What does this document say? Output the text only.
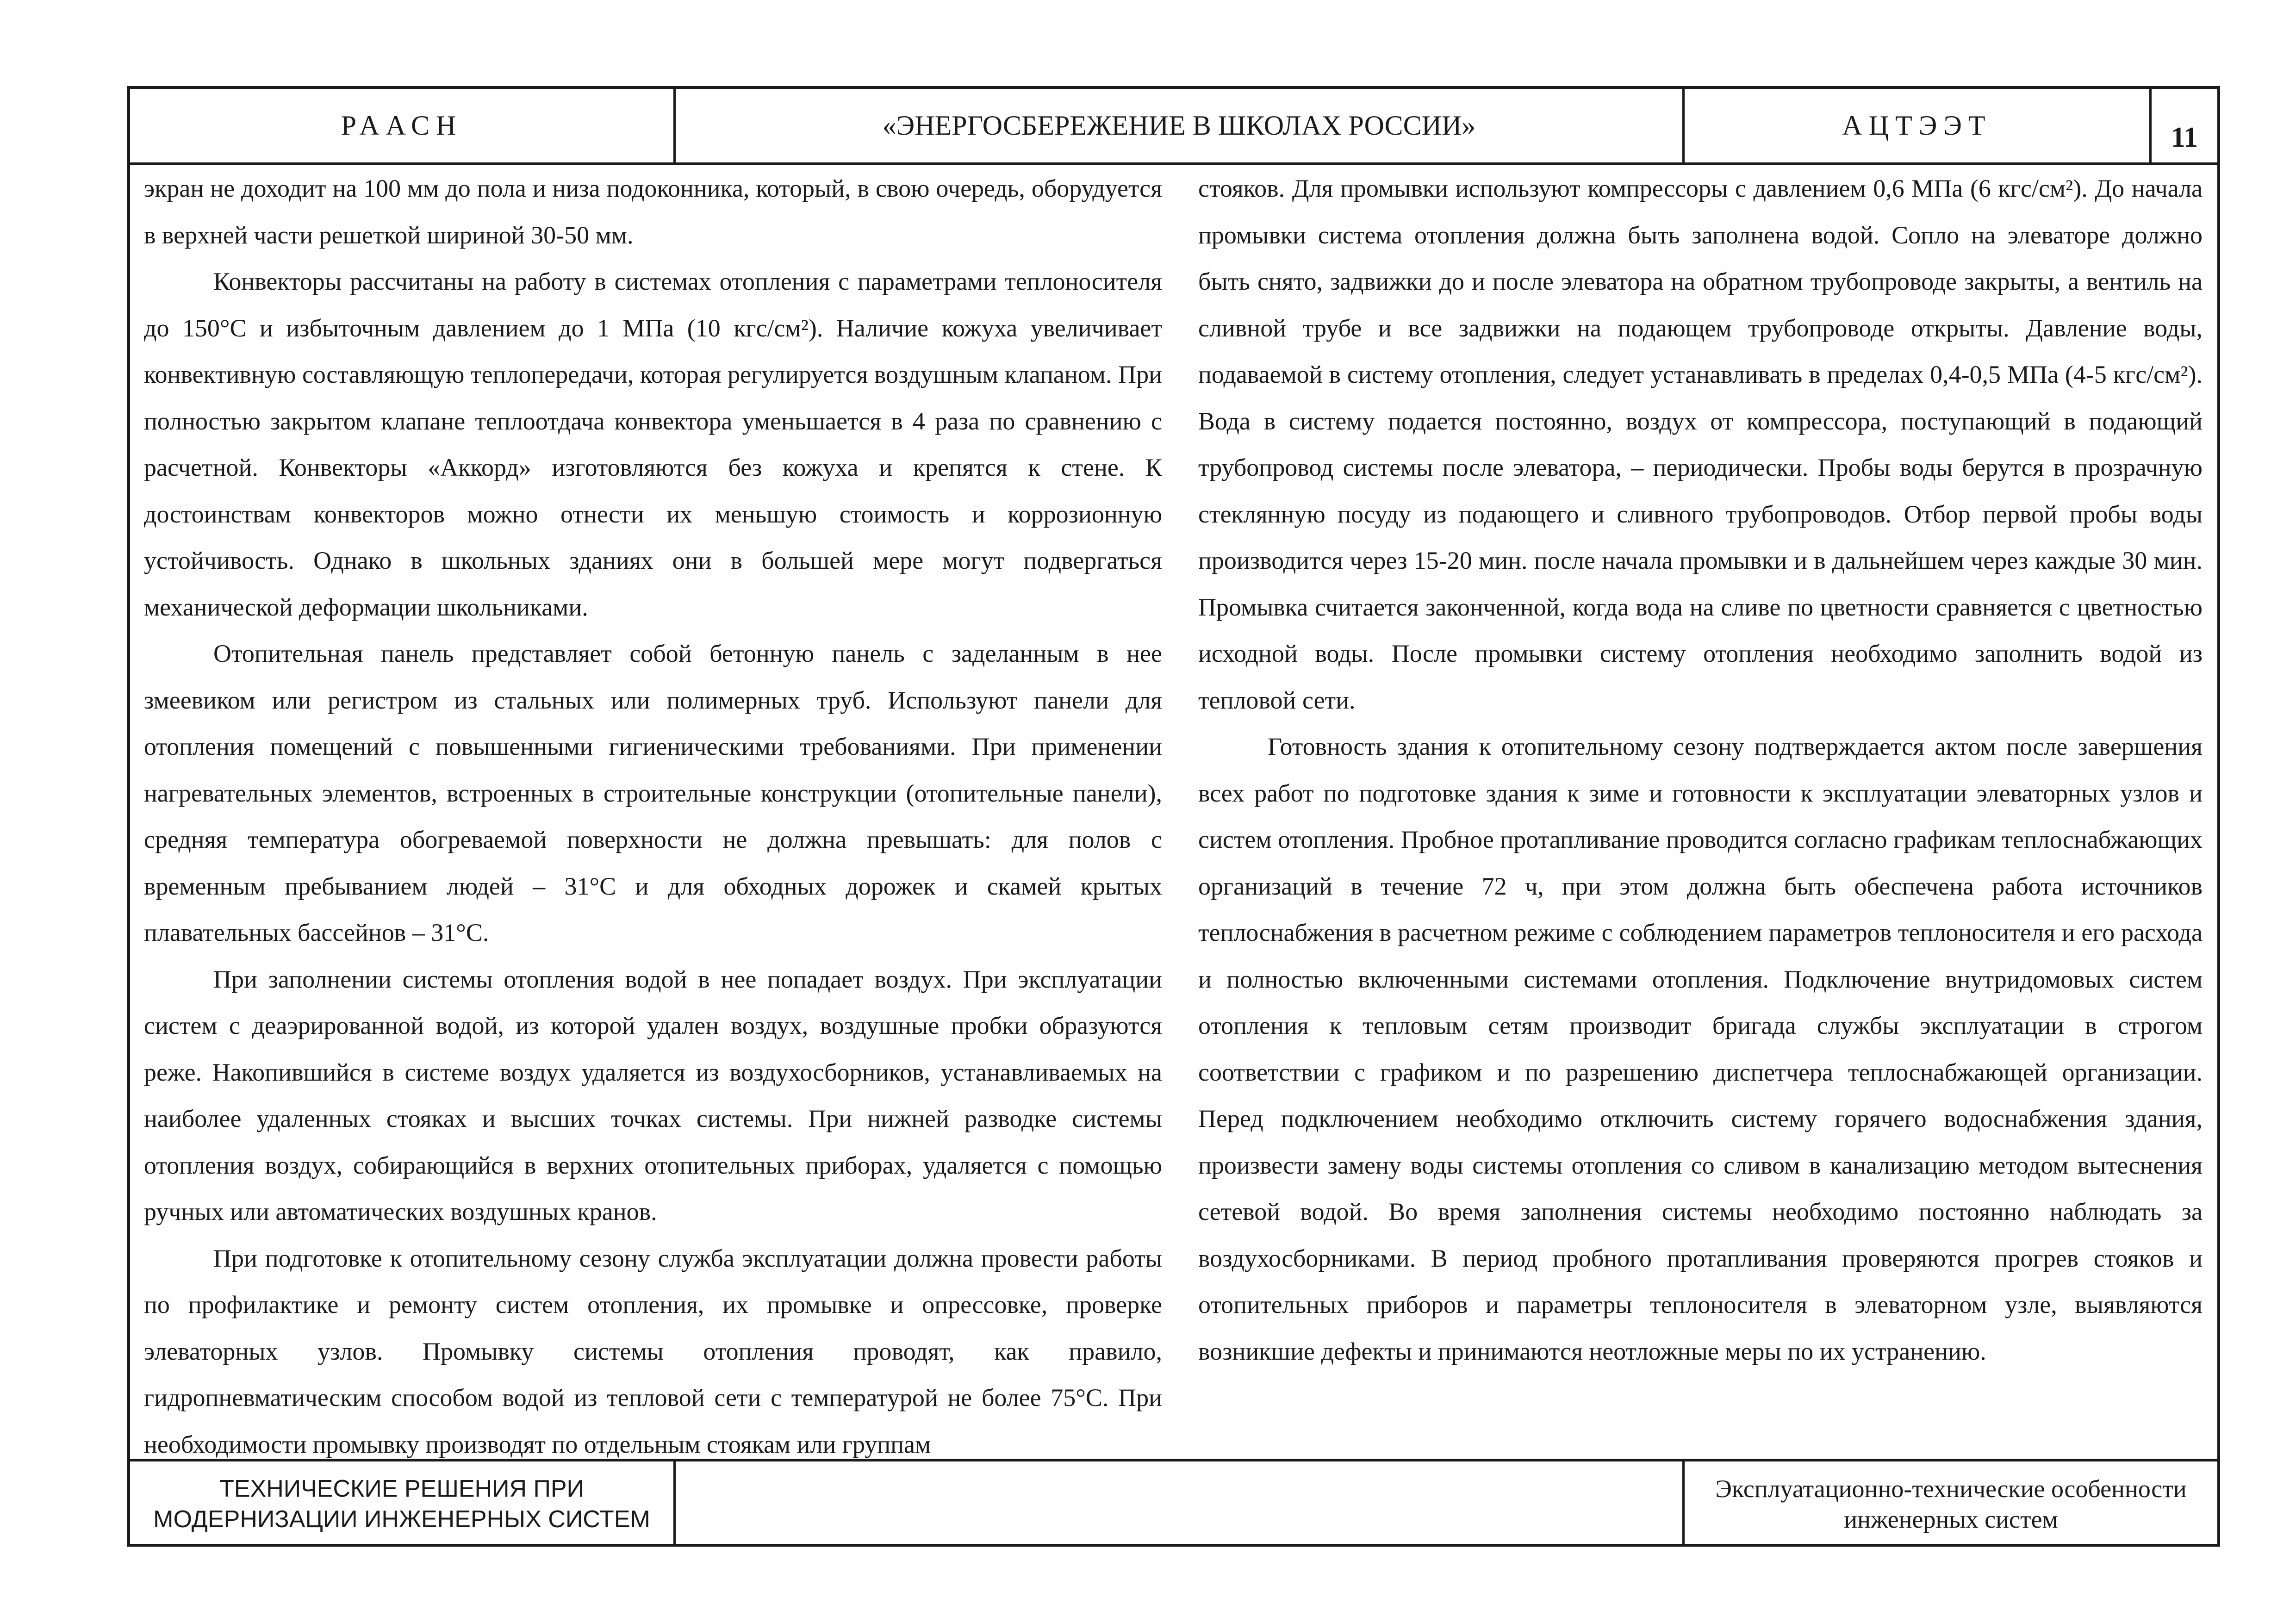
РААСН	«ЭНЕРГОСБЕРЕЖЕНИЕ В ШКОЛАХ РОССИИ»	АЦТЭЭТ	11

экран не доходит на 100 мм до пола и низа подоконника, который, в свою очередь, оборудуется в верхней части решеткой шириной 30-50 мм.

Конвекторы рассчитаны на работу в системах отопления с параметрами теплоносителя до 150°С и избыточным давлением до 1 МПа (10 кгс/см²). Наличие кожуха увеличивает конвективную составляющую теплопередачи, которая регулируется воздушным клапаном. При полностью закрытом клапане теплоотдача конвектора уменьшается в 4 раза по сравнению с расчетной. Конвекторы «Аккорд» изготовляются без кожуха и крепятся к стене. К достоинствам конвекторов можно отнести их меньшую стоимость и коррозионную устойчивость. Однако в школьных зданиях они в большей мере могут подвергаться механической деформации школьниками.

Отопительная панель представляет собой бетонную панель с заделанным в нее змеевиком или регистром из стальных или полимерных труб. Используют панели для отопления помещений с повышенными гигиеническими требованиями. При применении нагревательных элементов, встроенных в строительные конструкции (отопительные панели), средняя температура обогреваемой поверхности не должна превышать: для полов с временным пребыванием людей – 31°С и для обходных дорожек и скамей крытых плавательных бассейнов – 31°С.

При заполнении системы отопления водой в нее попадает воздух. При эксплуатации систем с деаэрированной водой, из которой удален воздух, воздушные пробки образуются реже. Накопившийся в системе воздух удаляется из воздухосборников, устанавливаемых на наиболее удаленных стояках и высших точках системы. При нижней разводке системы отопления воздух, собирающийся в верхних отопительных приборах, удаляется с помощью ручных или автоматических воздушных кранов.

При подготовке к отопительному сезону служба эксплуатации должна провести работы по профилактике и ремонту систем отопления, их промывке и опрессовке, проверке элеваторных узлов. Промывку системы отопления проводят, как правило, гидропневматическим способом водой из тепловой сети с температурой не более 75°С. При необходимости промывку производят по отдельным стоякам или группам

стояков. Для промывки используют компрессоры с давлением 0,6 МПа (6 кгс/см²). До начала промывки система отопления должна быть заполнена водой. Сопло на элеваторе должно быть снято, задвижки до и после элеватора на обратном трубопроводе закрыты, а вентиль на сливной трубе и все задвижки на подающем трубопроводе открыты. Давление воды, подаваемой в систему отопления, следует устанавливать в пределах 0,4-0,5 МПа (4-5 кгс/см²). Вода в систему подается постоянно, воздух от компрессора, поступающий в подающий трубопровод системы после элеватора, – периодически. Пробы воды берутся в прозрачную стеклянную посуду из подающего и сливного трубопроводов. Отбор первой пробы воды производится через 15-20 мин. после начала промывки и в дальнейшем через каждые 30 мин. Промывка считается законченной, когда вода на сливе по цветности сравняется с цветностью исходной воды. После промывки систему отопления необходимо заполнить водой из тепловой сети.

Готовность здания к отопительному сезону подтверждается актом после завершения всех работ по подготовке здания к зиме и готовности к эксплуатации элеваторных узлов и систем отопления. Пробное протапливание проводится согласно графикам теплоснабжающих организаций в течение 72 ч, при этом должна быть обеспечена работа источников теплоснабжения в расчетном режиме с соблюдением параметров теплоносителя и его расхода и полностью включенными системами отопления. Подключение внутридомовых систем отопления к тепловым сетям производит бригада службы эксплуатации в строгом соответствии с графиком и по разрешению диспетчера теплоснабжающей организации. Перед подключением необходимо отключить систему горячего водоснабжения здания, произвести замену воды системы отопления со сливом в канализацию методом вытеснения сетевой водой. Во время заполнения системы необходимо постоянно наблюдать за воздухосборниками. В период пробного протапливания проверяются прогрев стояков и отопительных приборов и параметры теплоносителя в элеваторном узле, выявляются возникшие дефекты и принимаются неотложные меры по их устранению.

ТЕХНИЧЕСКИЕ РЕШЕНИЯ ПРИ
МОДЕРНИЗАЦИИ ИНЖЕНЕРНЫХ СИСТЕМ
Эксплуатационно-технические особенности
инженерных систем
